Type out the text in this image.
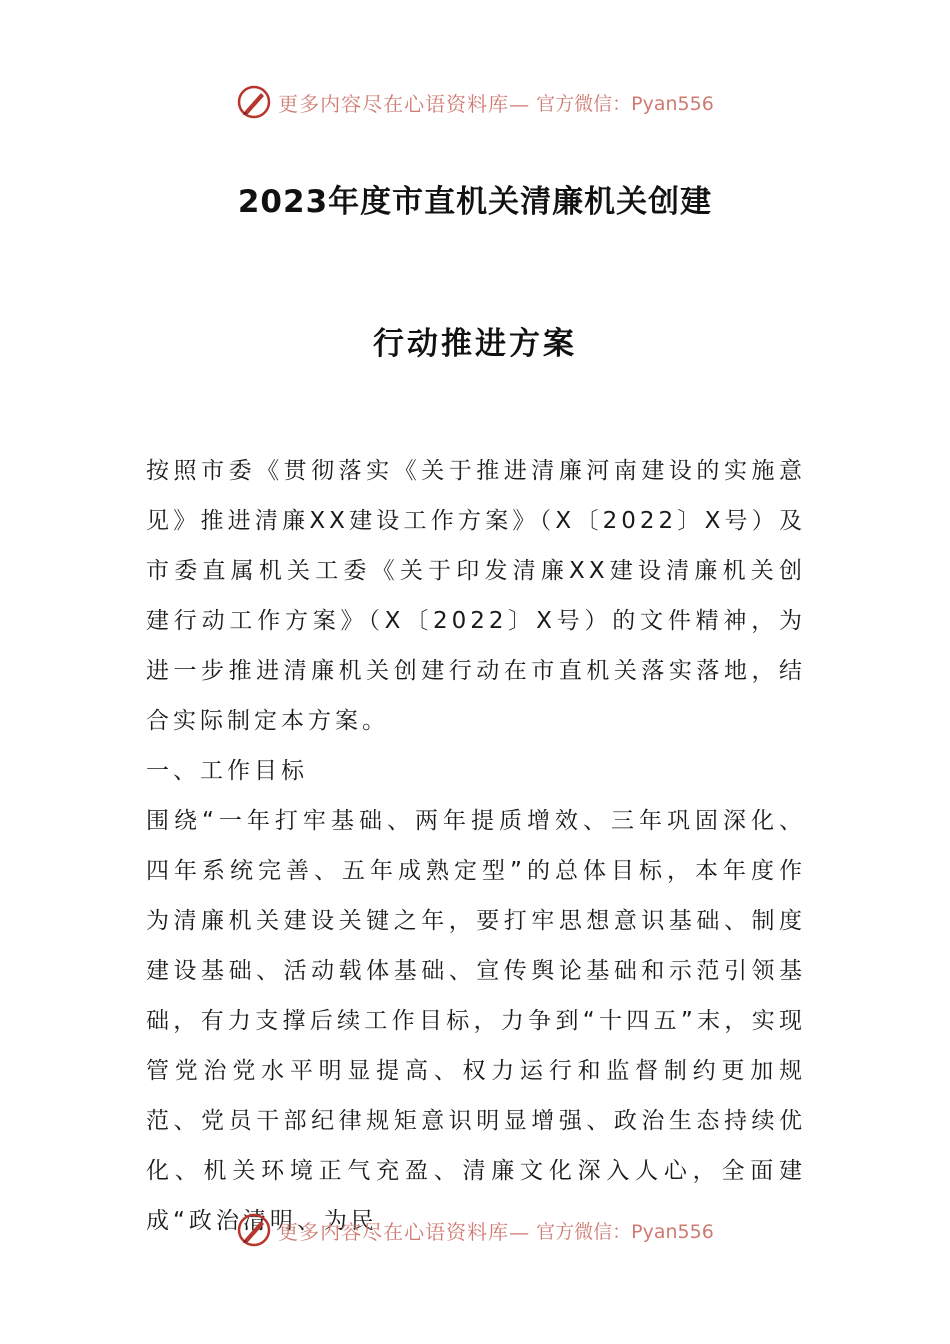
更多内容尽在心语资料库— 官方微信：Pyan556
2023年度市直机关清廉机关创建
行动推进方案

按照市委《贯彻落实《关于推进清廉河南建设的实施意见》推进清廉XX建设工作方案》（X〔2022〕X号）及市委直属机关工委《关于印发清廉XX建设清廉机关创建行动工作方案》（X〔2022〕X号）的文件精神，为进一步推进清廉机关创建行动在市直机关落实落地，结合实际制定本方案。

一、工作目标

围绕“一年打牢基础、两年提质增效、三年巩固深化、四年系统完善、五年成熟定型”的总体目标，本年度作为清廉机关建设关键之年，要打牢思想意识基础、制度建设基础、活动载体基础、宣传舆论基础和示范引领基础，有力支撑后续工作目标，力争到“十四五”末，实现管党治党水平明显提高、权力运行和监督制约更加规范、党员干部纪律规矩意识明显增强、政治生态持续优化、机关环境正气充盈、清廉文化深入人心，全面建成“政治清明、为民

更多内容尽在心语资料库— 官方微信：Pyan556
